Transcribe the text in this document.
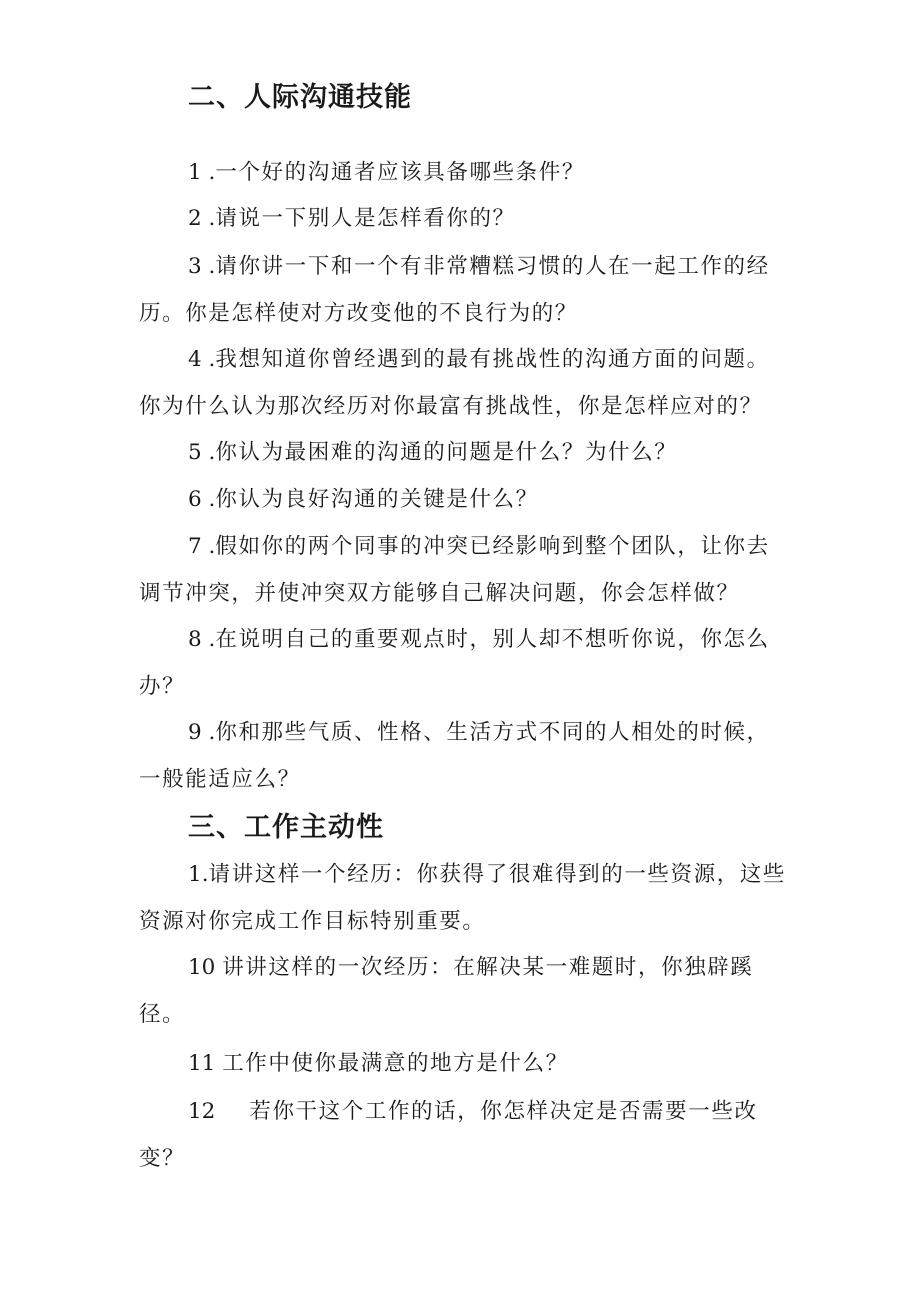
二、人际沟通技能

1 .一个好的沟通者应该具备哪些条件？

2 .请说一下别人是怎样看你的？

3 .请你讲一下和一个有非常糟糕习惯的人在一起工作的经历。你是怎样使对方改变他的不良行为的？

4 .我想知道你曾经遇到的最有挑战性的沟通方面的问题。你为什么认为那次经历对你最富有挑战性，你是怎样应对的？

5 .你认为最困难的沟通的问题是什么？为什么？

6 .你认为良好沟通的关键是什么？

7 .假如你的两个同事的冲突已经影响到整个团队，让你去调节冲突，并使冲突双方能够自己解决问题，你会怎样做？

8 .在说明自己的重要观点时，别人却不想听你说，你怎么办？

9 .你和那些气质、性格、生活方式不同的人相处的时候，一般能适应么？

三、工作主动性

1.请讲这样一个经历：你获得了很难得到的一些资源，这些资源对你完成工作目标特别重要。

10 讲讲这样的一次经历：在解决某一难题时，你独辟蹊径。

11 工作中使你最满意的地方是什么？

12 若你干这个工作的话，你怎样决定是否需要一些改变？
